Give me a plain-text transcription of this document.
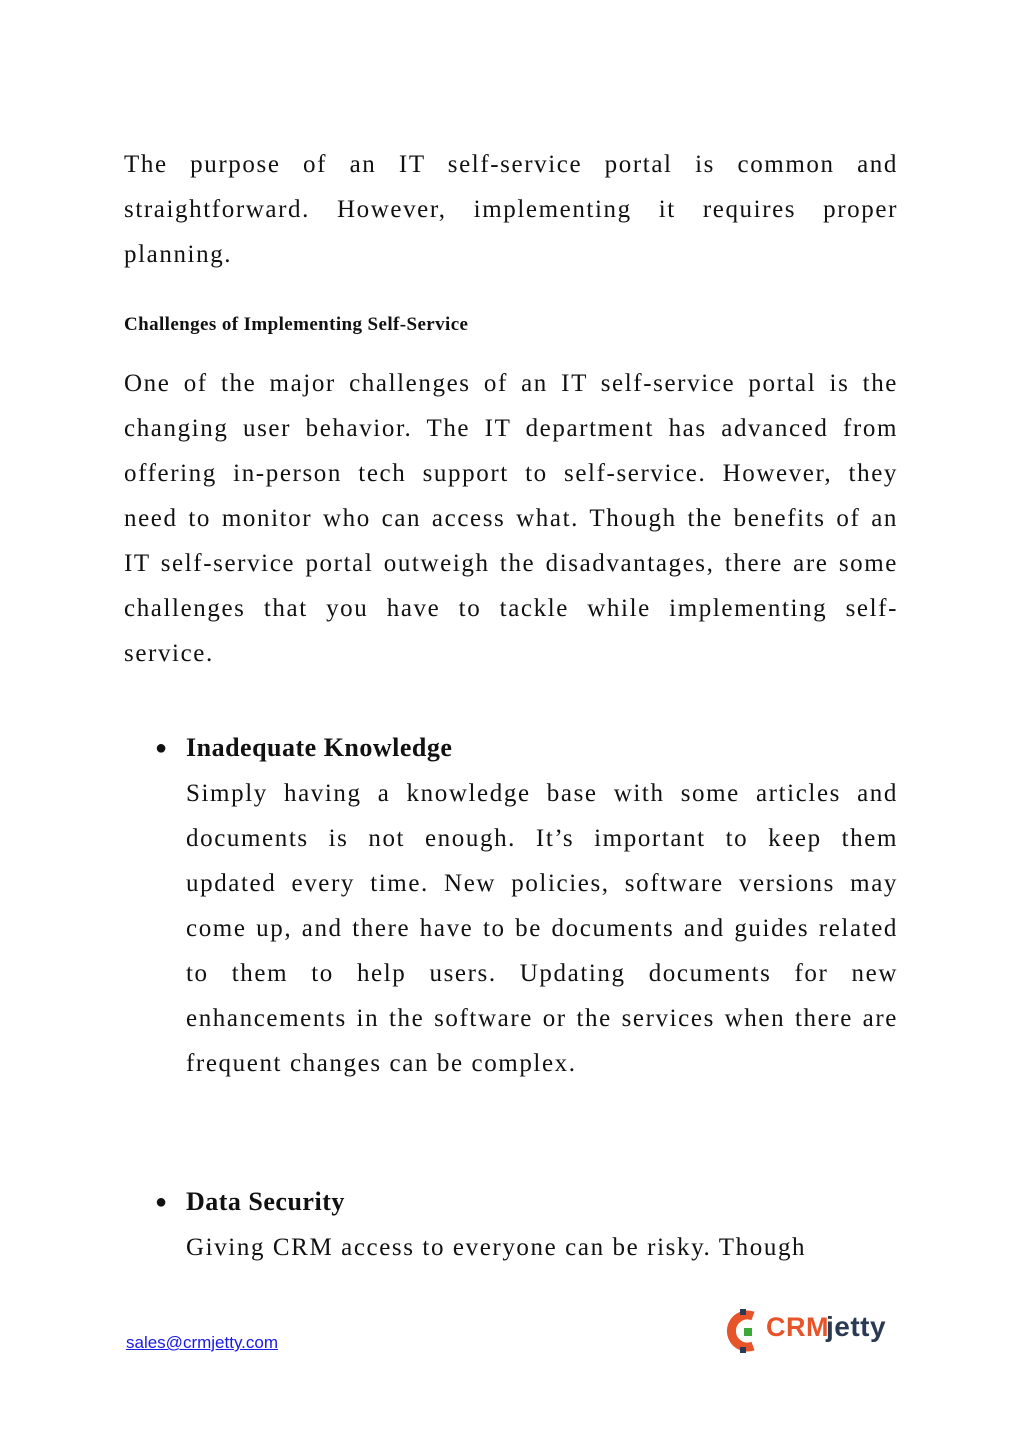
The purpose of an IT self-service portal is common and straightforward. However, implementing it requires proper planning.

Challenges of Implementing Self-Service

One of the major challenges of an IT self-service portal is the changing user behavior. The IT department has advanced from offering in-person tech support to self-service. However, they need to monitor who can access what. Though the benefits of an IT self-service portal outweigh the disadvantages, there are some challenges that you have to tackle while implementing self-service.

● Inadequate Knowledge

Simply having a knowledge base with some articles and documents is not enough. It’s important to keep them updated every time. New policies, software versions may come up, and there have to be documents and guides related to them to help users. Updating documents for new enhancements in the software or the services when there are frequent changes can be complex.

● Data Security

Giving CRM access to everyone can be risky. Though

sales@crmjetty.com
CRM
jetty
